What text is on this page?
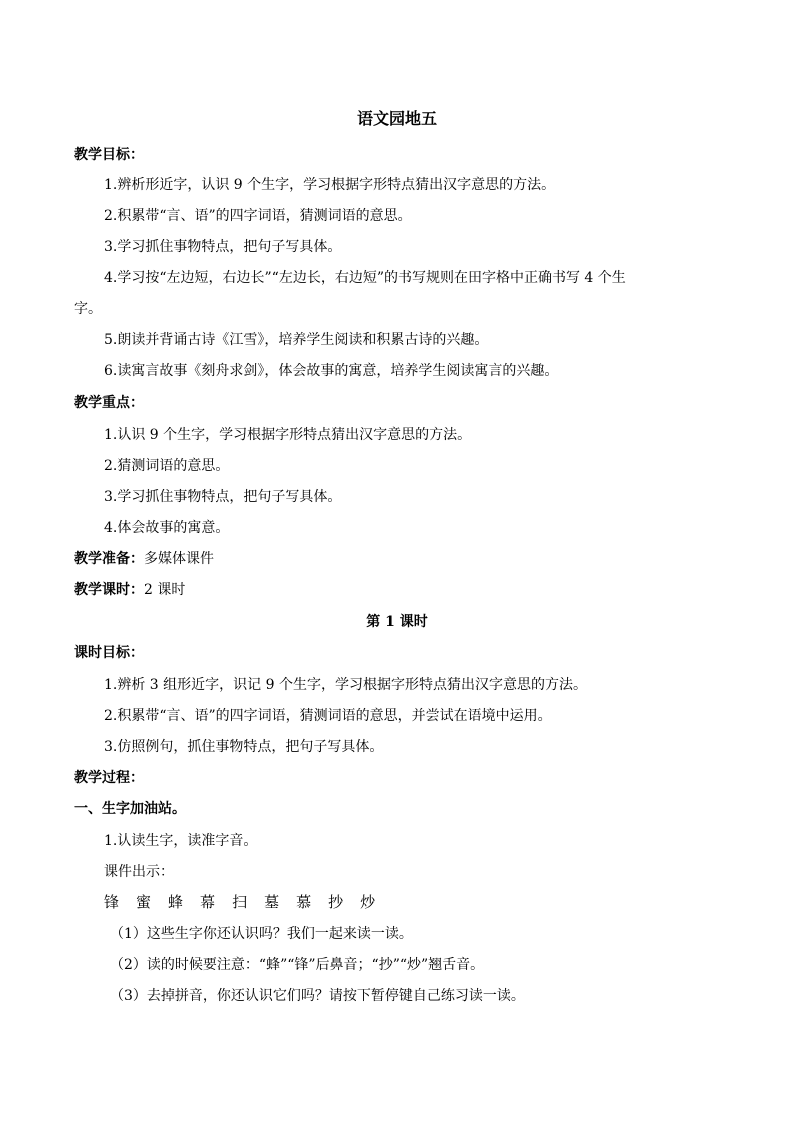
语文园地五
教学目标：
1.辨析形近字，认识 9 个生字，学习根据字形特点猜出汉字意思的方法。
2.积累带“言、语”的四字词语，猜测词语的意思。
3.学习抓住事物特点，把句子写具体。
4.学习按“左边短，右边长”“左边长，右边短”的书写规则在田字格中正确书写 4 个生
字。
5.朗读并背诵古诗《江雪》，培养学生阅读和积累古诗的兴趣。
6.读寓言故事《刻舟求剑》，体会故事的寓意，培养学生阅读寓言的兴趣。
教学重点：
1.认识 9 个生字，学习根据字形特点猜出汉字意思的方法。
2.猜测词语的意思。
3.学习抓住事物特点，把句子写具体。
4.体会故事的寓意。
教学准备：多媒体课件
教学课时：2 课时
第 1 课时
课时目标：
1.辨析 3 组形近字，识记 9 个生字，学习根据字形特点猜出汉字意思的方法。
2.积累带“言、语”的四字词语，猜测词语的意思，并尝试在语境中运用。
3.仿照例句，抓住事物特点，把句子写具体。
教学过程：
一、生字加油站。
1.认读生字，读准字音。
课件出示：
锋 蜜 蜂 幕 扫 墓 慕 抄 炒
（1）这些生字你还认识吗？我们一起来读一读。
（2）读的时候要注意：“蜂”“锋”后鼻音；“抄”“炒”翘舌音。
（3）去掉拼音，你还认识它们吗？请按下暂停键自己练习读一读。
